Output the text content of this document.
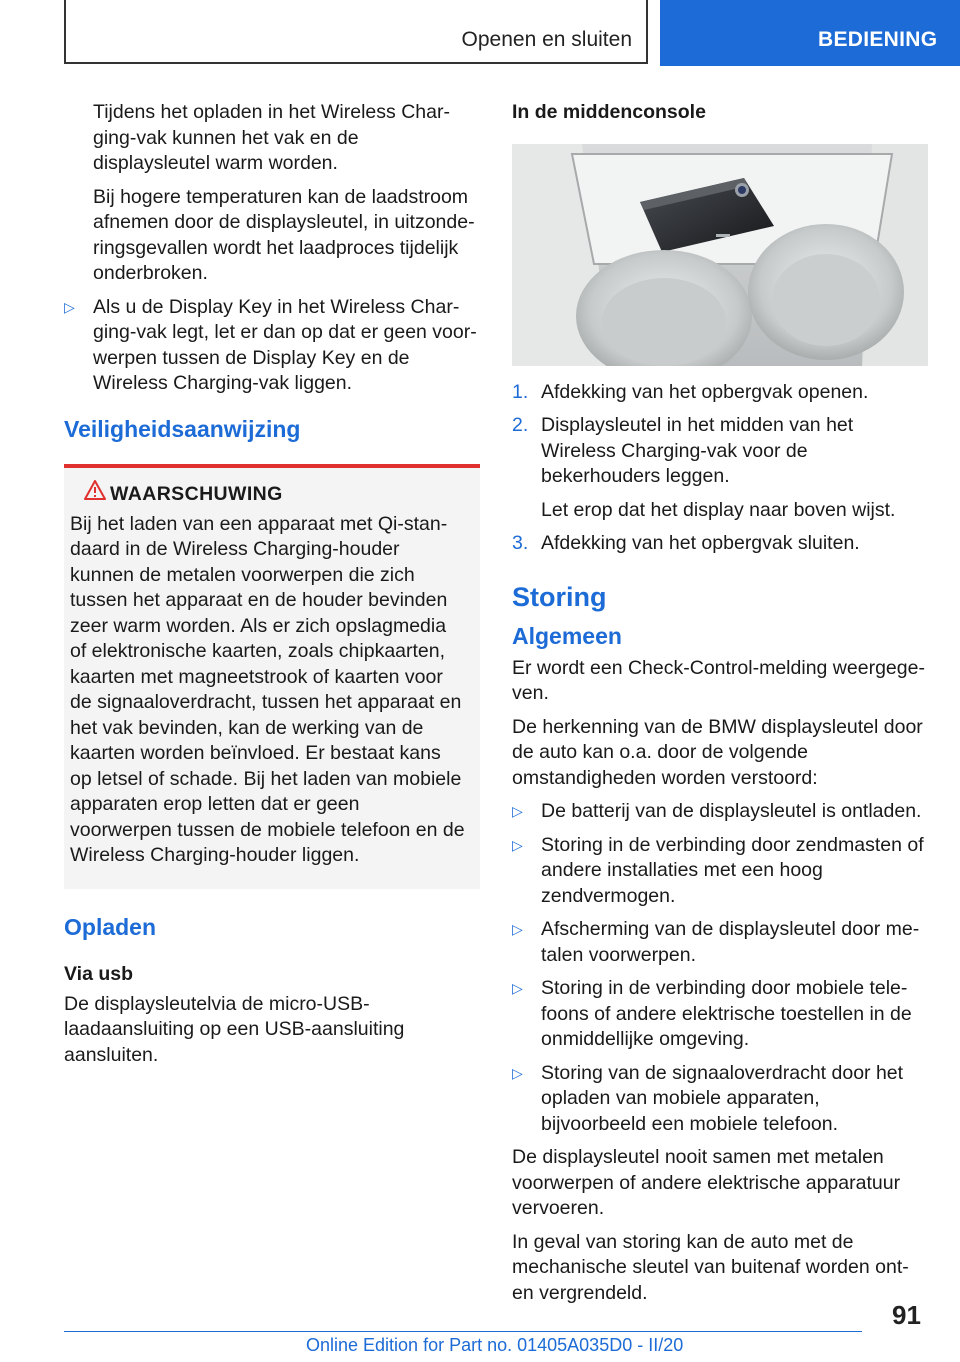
Openen en sluiten	BEDIENING

Tijdens het opladen in het Wireless Charging-vak kunnen het vak en de displaysleutel warm worden.

Bij hogere temperaturen kan de laadstroom afnemen door de displaysleutel, in uitzonderingsgevallen wordt het laadproces tijdelijk onderbroken.

▷ Als u de Display Key in het Wireless Charging-vak legt, let er dan op dat er geen voorwerpen tussen de Display Key en de Wireless Charging-vak liggen.
Veiligheidsaanwijzing
WAARSCHUWING

Bij het laden van een apparaat met Qi-standaard in de Wireless Charging-houder kunnen de metalen voorwerpen die zich tussen het apparaat en de houder bevinden zeer warm worden. Als er zich opslagmedia of elektronische kaarten, zoals chipkaarten, kaarten met magneetstrook of kaarten voor de signaaloverdracht, tussen het apparaat en het vak bevinden, kan de werking van de kaarten worden beïnvloed. Er bestaat kans op letsel of schade. Bij het laden van mobiele apparaten erop letten dat er geen voorwerpen tussen de mobiele telefoon en de Wireless Charging-houder liggen.

Opladen
Via usb

De displaysleutelvia de micro-USB-laadaansluiting op een USB-aansluiting aansluiten.

In de middenconsole
1. Afdekking van het opbergvak openen.
2. Displaysleutel in het midden van het Wireless Charging-vak voor de bekerhouders leggen.

Let erop dat het display naar boven wijst.

3. Afdekking van het opbergvak sluiten.
Storing
Algemeen

Er wordt een Check-Control-melding weergegeven.

De herkenning van de BMW displaysleutel door de auto kan o.a. door de volgende omstandigheden worden verstoord:

▷ De batterij van de displaysleutel is ontladen.
▷ Storing in de verbinding door zendmasten of andere installaties met een hoog zendvermogen.
▷ Afscherming van de displaysleutel door metalen voorwerpen.
▷ Storing in de verbinding door mobiele telefoons of andere elektrische toestellen in de onmiddellijke omgeving.
▷ Storing van de signaaloverdracht door het opladen van mobiele apparaten, bijvoorbeeld een mobiele telefoon.

De displaysleutel nooit samen met metalen voorwerpen of andere elektrische apparatuur vervoeren.

In geval van storing kan de auto met de mechanische sleutel van buitenaf worden ont- en vergrendeld.

91
Online Edition for Part no. 01405A035D0 - II/20
